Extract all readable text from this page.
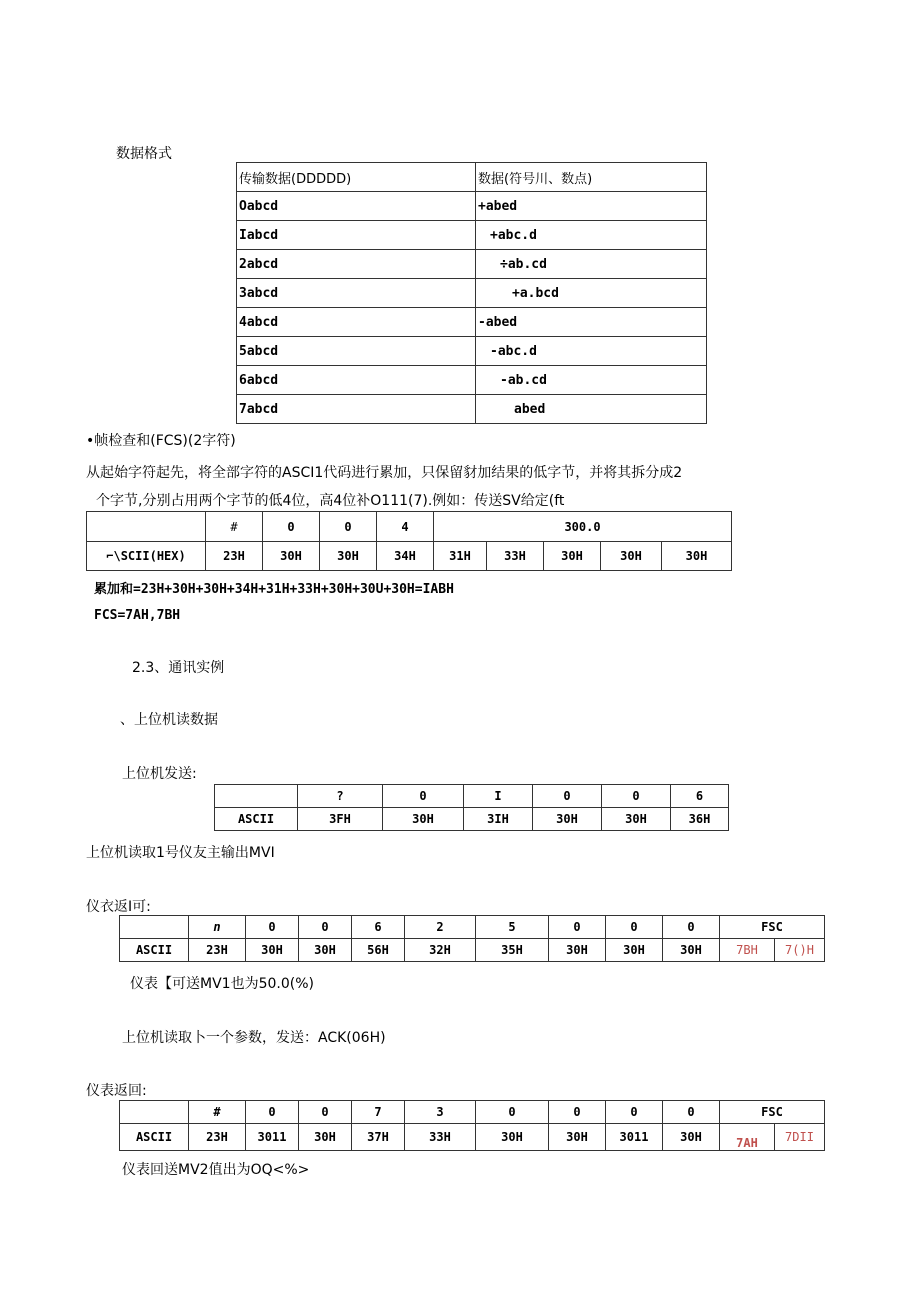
数据格式
传输数据(DDDDD)	数据(符号川、数点)
Oabcd	+abed
Iabcd	+abc.d
2abcd	÷ab.cd
3abcd	+a.bcd
4abcd	-abed
5abcd	-abc.d
6abcd	-ab.cd
7abcd	abed
•帧检查和(FCS)(2字符)
从起始字符起先，将全部字符的ASCI1代码进行累加，只保留豺加结果的低字节，并将其拆分成2
个字节,分别占用两个字节的低4位，高4位补O111(7).例如：传送SV给定(ft
	#	0	0	4	300.0				
⌐\SCII(HEX)	23H	30H	30H	34H	31H	33H	30H	30H	30H
累加和=23H+30H+30H+34H+31H+33H+30H+30U+30H=IABH
FCS=7AH,7BH
2.3、通讯实例
、上位机读数据
上位机发送:
	?	0	I	0	0	6
ASCII	3FH	30H	3IH	30H	30H	36H
上位机读取1号仪友主输出MVI
仪衣返I可:
	n	0	0	6	2	5	0	0	0	FSC	
ASCII	23H	30H	30H	56H	32H	35H	30H	30H	30H	7BH	7()H
仪表【可送MV1也为50.0(%)
上位机读取卜一个参数，发送：ACK(06H)
仪表返回:
	#	0	0	7	3	0	0	0	0	FSC	
ASCII	23H	3011	30H	37H	33H	30H	30H	3011	30H	7AH	7DII
仪表回送MV2值出为OQ<%>
